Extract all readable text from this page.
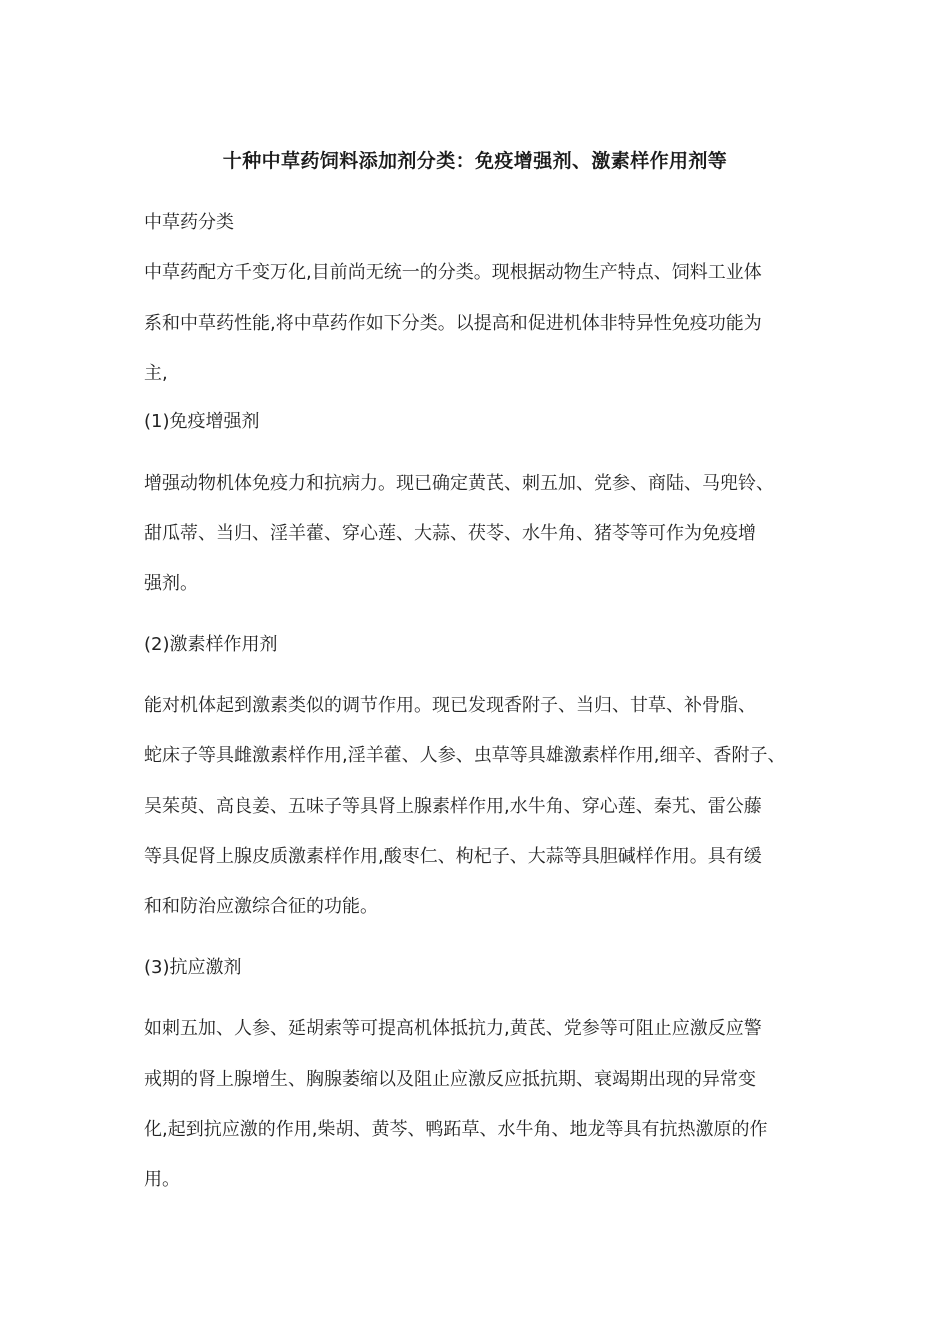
十种中草药饲料添加剂分类：免疫增强剂、激素样作用剂等
中草药分类
中草药配方千变万化,目前尚无统一的分类。现根据动物生产特点、饲料工业体
系和中草药性能,将中草药作如下分类。以提高和促进机体非特异性免疫功能为
主,
(1)免疫增强剂
增强动物机体免疫力和抗病力。现已确定黄芪、刺五加、党参、商陆、马兜铃、
甜瓜蒂、当归、淫羊藿、穿心莲、大蒜、茯苓、水牛角、猪苓等可作为免疫增
强剂。
(2)激素样作用剂
能对机体起到激素类似的调节作用。现已发现香附子、当归、甘草、补骨脂、
蛇床子等具雌激素样作用,淫羊藿、人参、虫草等具雄激素样作用,细辛、香附子、
吴茱萸、高良姜、五味子等具肾上腺素样作用,水牛角、穿心莲、秦艽、雷公藤
等具促肾上腺皮质激素样作用,酸枣仁、枸杞子、大蒜等具胆碱样作用。具有缓
和和防治应激综合征的功能。
(3)抗应激剂
如刺五加、人参、延胡索等可提高机体抵抗力,黄芪、党参等可阻止应激反应警
戒期的肾上腺增生、胸腺萎缩以及阻止应激反应抵抗期、衰竭期出现的异常变
化,起到抗应激的作用,柴胡、黄芩、鸭跖草、水牛角、地龙等具有抗热激原的作
用。
